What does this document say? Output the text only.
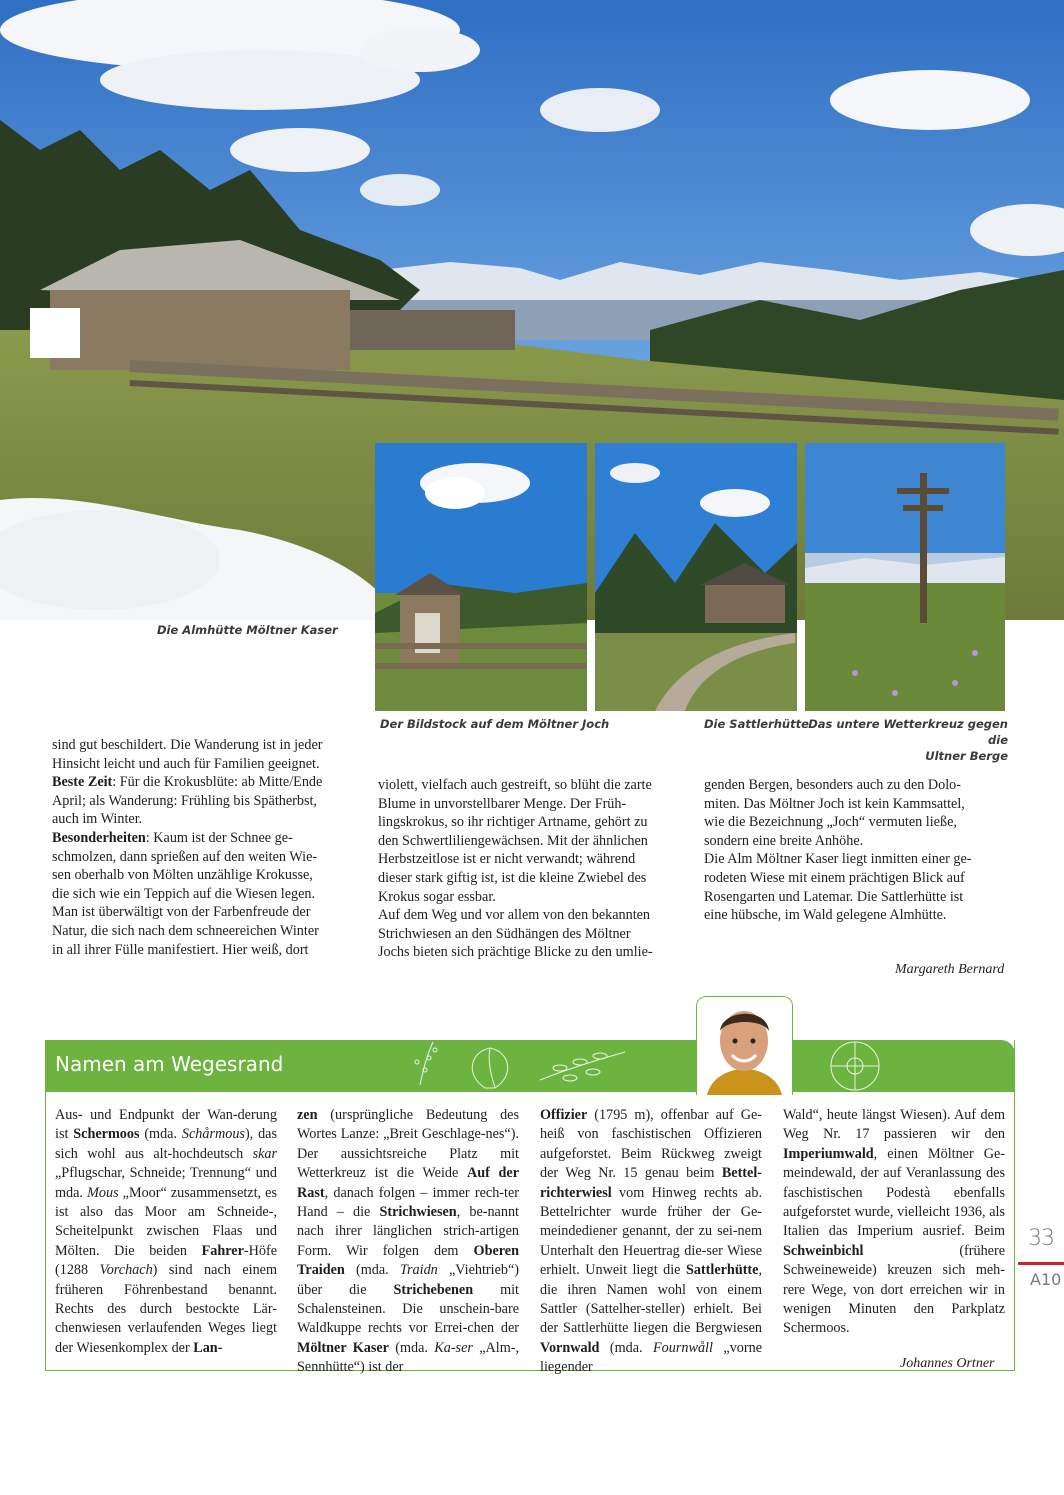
Die Almhütte Möltner Kaser
Der Bildstock auf dem Möltner Joch	Die Sattlerhütte Das untere Wetterkreuz gegen die
Ultner Berge

sind gut beschildert. Die Wanderung ist in jeder

Hinsicht leicht und auch für Familien geeignet.

Beste Zeit: Für die Krokusblüte: ab Mitte/Ende

April; als Wanderung: Frühling bis Spätherbst,

auch im Winter.

Besonderheiten: Kaum ist der Schnee ge-

schmolzen, dann sprießen auf den weiten Wie-

sen oberhalb von Mölten unzählige Krokusse,

die sich wie ein Teppich auf die Wiesen legen.

Man ist überwältigt von der Farbenfreude der

Natur, die sich nach dem schneereichen Winter

in all ihrer Fülle manifestiert. Hier weiß, dort

violett, vielfach auch gestreift, so blüht die zarte

Blume in unvorstellbarer Menge. Der Früh-

lingskrokus, so ihr richtiger Artname, gehört zu

den Schwertliliengewächsen. Mit der ähnlichen

Herbstzeitlose ist er nicht verwandt; während

dieser stark giftig ist, ist die kleine Zwiebel des

Krokus sogar essbar.

Auf dem Weg und vor allem von den bekannten

Strichwiesen an den Südhängen des Möltner

Jochs bieten sich prächtige Blicke zu den umlie-

genden Bergen, besonders auch zu den Dolo-

miten. Das Möltner Joch ist kein Kammsattel,

wie die Bezeichnung „Joch“ vermuten ließe,

sondern eine breite Anhöhe.

Die Alm Möltner Kaser liegt inmitten einer ge-

rodeten Wiese mit einem prächtigen Blick auf

Rosengarten und Latemar. Die Sattlerhütte ist

eine hübsche, im Wald gelegene Almhütte.

Margareth Bernard
Namen am Wegesrand
Aus- und Endpunkt der Wan-derung ist Schermoos (mda. Schårmous), das sich wohl aus alt-hochdeutsch skar „Pflugschar, Schneide; Trennung“ und mda. Mous „Moor“ zusammensetzt, es ist also das Moor am Schneide-, Scheitelpunkt zwischen Flaas und Mölten. Die beiden Fahrer-Höfe (1288 Vorchach) sind nach einem früheren Föhrenbestand benannt. Rechts des durch bestockte Lär-chenwiesen verlaufenden Weges liegt der Wiesenkomplex der Lan-
zen (ursprüngliche Bedeutung des Wortes Lanze: „Breit Geschlage-nes“). Der aussichtsreiche Platz mit Wetterkreuz ist die Weide Auf der Rast, danach folgen – immer rech-ter Hand – die Strichwiesen, be-nannt nach ihrer länglichen strich-artigen Form. Wir folgen dem Oberen Traiden (mda. Traidn „Viehtrieb“) über die Strichebenen mit Schalensteinen. Die unschein-bare Waldkuppe rechts vor Errei-chen der Möltner Kaser (mda. Ka-ser „Alm-, Sennhütte“) ist der
Offizier (1795 m), offenbar auf Ge-heiß von faschistischen Offizieren aufgeforstet. Beim Rückweg zweigt der Weg Nr. 15 genau beim Bettel-richterwiesl vom Hinweg rechts ab. Bettelrichter wurde früher der Ge-meindediener genannt, der zu sei-nem Unterhalt den Heuertrag die-ser Wiese erhielt. Unweit liegt die Sattlerhütte, die ihren Namen wohl von einem Sattler (Sattelher-steller) erhielt. Bei der Sattlerhütte liegen die Bergwiesen Vornwald (mda. Fournwåll „vorne liegender
Wald“, heute längst Wiesen). Auf dem Weg Nr. 17 passieren wir den Imperiumwald, einen Möltner Ge-meindewald, der auf Veranlassung des faschistischen Podestà ebenfalls aufgeforstet wurde, vielleicht 1936, als Italien das Imperium ausrief. Beim Schweinbichl (frühere Schweineweide) kreuzen sich meh-rere Wege, von dort erreichen wir in wenigen Minuten den Parkplatz Schermoos.
Johannes Ortner
33
A10
